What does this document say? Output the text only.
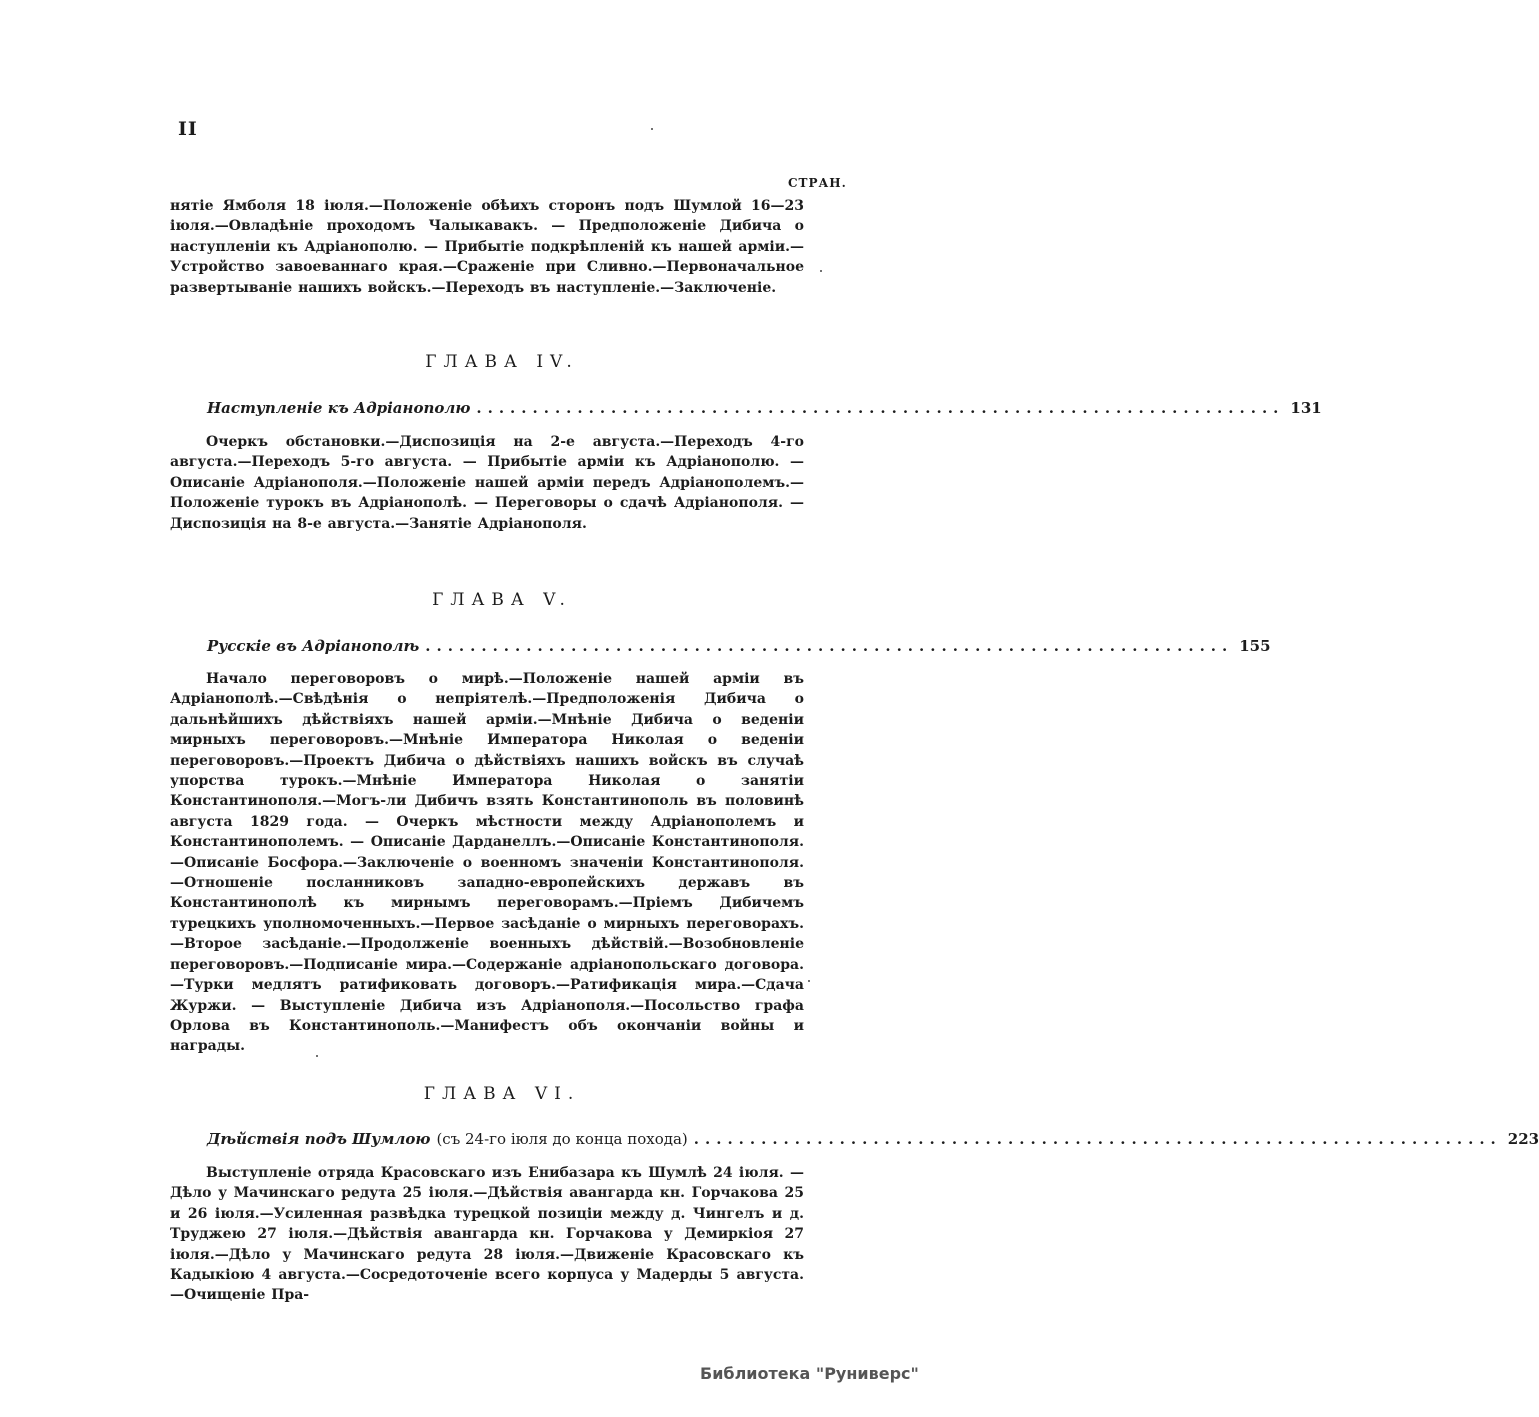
II
СТРАН.

нятіе Ямболя 18 іюля.—Положеніе обѣихъ сторонъ подъ Шумлой 16—23 іюля.—Овладѣніе проходомъ Чалыкавакъ. — Предположеніе Дибича о наступленіи къ Адріанополю. — Прибытіе подкрѣпленій къ нашей арміи.—Устройство завоеваннаго края.—Сраженіе при Сливно.—Первоначальное развертываніе нашихъ войскъ.—Переходъ въ наступленіе.—Заключеніе.

ГЛАВА IV.
Наступленіе къ Адріанополю ........................................................................ 131

Очеркъ обстановки.—Диспозиція на 2-е августа.—Переходъ 4-го августа.—Переходъ 5-го августа. — Прибытіе арміи къ Адріанополю. —Описаніе Адріанополя.—Положеніе нашей арміи передъ Адріанополемъ.—Положеніе турокъ въ Адріанополѣ. — Переговоры о сдачѣ Адріанополя. — Диспозиція на 8-е августа.—Занятіе Адріанополя.

ГЛАВА V.
Русскіе въ Адріанополѣ ........................................................................ 155

Начало переговоровъ о мирѣ.—Положеніе нашей арміи въ Адріанополѣ.—Свѣдѣнія о непріятелѣ.—Предположенія Дибича о дальнѣйшихъ дѣйствіяхъ нашей арміи.—Мнѣніе Дибича о веденіи мирныхъ переговоровъ.—Мнѣніе Императора Николая о веденіи переговоровъ.—Проектъ Дибича о дѣйствіяхъ нашихъ войскъ въ случаѣ упорства турокъ.—Мнѣніе Императора Николая о занятіи Константинополя.—Могъ-ли Дибичъ взять Константинополь въ половинѣ августа 1829 года. — Очеркъ мѣстности между Адріанополемъ и Константинополемъ. — Описаніе Дарданеллъ.—Описаніе Константинополя.—Описаніе Босфора.—Заключеніе о военномъ значеніи Константинополя.—Отношеніе посланниковъ западно-европейскихъ державъ въ Константинополѣ къ мирнымъ переговорамъ.—Пріемъ Дибичемъ турецкихъ уполномоченныхъ.—Первое засѣданіе о мирныхъ переговорахъ.—Второе засѣданіе.—Продолженіе военныхъ дѣйствій.—Возобновленіе переговоровъ.—Подписаніе мира.—Содержаніе адріанопольскаго договора.—Турки медлятъ ратификовать договоръ.—Ратификація мира.—Сдача Журжи. — Выступленіе Дибича изъ Адріанополя.—Посольство графа Орлова въ Константинополь.—Манифестъ объ окончаніи войны и награды.

ГЛАВА VI.
Дѣйствія подъ Шумлою (съ 24-го іюля до конца похода) ........................................................................ 223

Выступленіе отряда Красовскаго изъ Енибазара къ Шумлѣ 24 іюля. — Дѣло у Мачинскаго редута 25 іюля.—Дѣйствія авангарда кн. Горчакова 25 и 26 іюля.—Усиленная развѣдка турецкой позиціи между д. Чингелъ и д. Труджею 27 іюля.—Дѣйствія авангарда кн. Горчакова у Демиркіоя 27 іюля.—Дѣло у Мачинскаго редута 28 іюля.—Движеніе Красовскаго къ Кадыкіою 4 августа.—Сосредоточеніе всего корпуса у Мадерды 5 августа.—Очищеніе Пра-

Библиотека "Руниверс"
